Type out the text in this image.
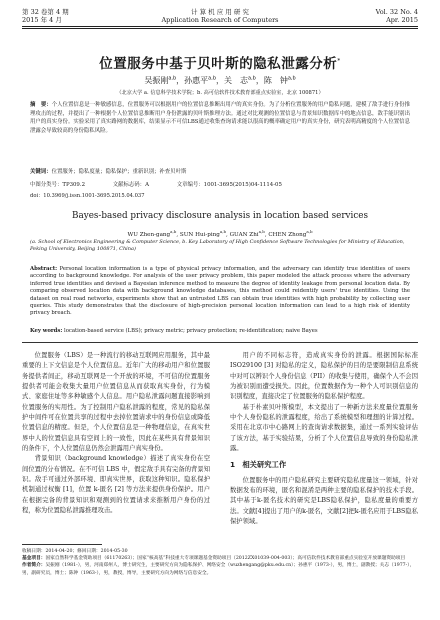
第 32 卷第 4 期
2015 年 4 月
计 算 机 应 用 研 究
Application Research of Computers
Vol. 32 No. 4
Apr. 2015
位置服务中基于贝叶斯的隐私泄露分析*
吴振刚$^{a,b}$，孙惠平$^{a,b}$，关　志$^{a,b}$，陈　钟$^{a,b}$
（北京大学 a. 信息科学技术学院；b. 高可信软件技术教育部重点实验室，北京 100871）
摘　要：个人位置信息是一种敏感信息，位置服务可以根据用户的位置信息推断出用户的真实身份。为了分析位置服务的用户隐私问题，建模了敌手进行身份推理攻击的过程，并提出了一种根据个人位置信息推断用户身份泄露的贝叶斯推理方法。通过对比观测的位置信息与背景知识数据库中的地点信息，敌手能识别出用户的真实身份。实验采用了真实路网的数据库，结果显示不可信LBS通过收集查询请求能以很高的概率确定用户的真实身份，研究表明高精度的个人位置信息泄露会导致较高的身份隐私风险。
关键词：位置服务；隐私度量；隐私保护；重新识别；补查贝叶斯
中图分类号：TP309.2	文献标志码：A	文章编号：1001-3695(2015)04-1114-05
doi：10.3969/j.issn.1001-3695.2015.04.037
Bayes-based privacy disclosure analysis in location based services
WU Zhen-gang$^{a,b}$, SUN Hui-ping$^{a,b}$, GUAN Zhi$^{a,b}$, CHEN Zhong$^{a,b}$
(a. School of Electronics Engineering & Computer Science, b. Key Laboratory of High Confidence Software Technologies for Ministry of Education, Peking University, Beijing 100871, China)
Abstract: Personal location information is a type of physical privacy information, and the adversary can identify true identities of users according to background knowledge. For analysis of the user privacy problem, this paper modeled the attack process where the adversary inferred true identities and devised a Bayesian inference method to measure the degree of identity leakage from personal location data. By comparing observed location data with background knowledge databases, this method could reidentify users' true identities. Using the dataset on real road networks, experiments show that an untrusted LBS can obtain true identities with high probability by collecting user queries. This study demonstrates that the disclosure of high-precision personal location information can lead to a high risk of identity privacy breach.
Key words: location-based service (LBS); privacy metric; privacy protection; re-identification; naive Bayes

位置服务（LBS）是一种流行的移动互联网应用服务，其中最重要的上下文信息是个人位置信息。近年广大的移动用户和位置服务提供者间正，移动互联网是一个开放的环境，不可信的位置服务提供者可能会收集大量用户位置信息从而获取真实身份，行为模式、家庭住址等多种敏感个人信息。用户隐私泄露问题直接影响到位置服务的实用性。为了控制用户隐私泄露的程度，常见的隐私保护中间件可在位置共享的过程中去掉位置请求中的身份信息或降低位置信息的精度。但是，个人位置信息是一种物理信息，在真实世界中人的位置信息具有空间上的一致性，因此在某些具有背景知识的条件下，个人位置信息仍然会泄露用户真实身份。

背景知识（background knowledge）描述了真实身份在空间位置的分布情况。在不可信 LBS 中，假定敌手具有完备的背景知识。敌手可通过外部环境、即真实世界，获取这种知识。隐私保护机制通过权衡 [1]，位置 k-匿名 [2] 等方法来提供身份保护。用户在根据完备的背景知识和观测到的位置请求来推断用户身份的过程，称为位置隐私泄露推理攻击。

用户的不同标志符，造成真实身份的泄露。根据国际标准 ISO29100 [3] 对隐私的定义，隐私保护的目的是要限制信息系统中对可以辨识个人身份信息（PII）的收集与使用，确保个人不会因为被识别而遭受损失。因此，位置数据作为一种个人可识别信息的识别程度，直接决定了位置服务的隐私保护程度。

基于朴素贝叶斯模型，本文提出了一种新方法来度量位置服务中个人身份隐私的泄露程度，给出了系统模型和理想的计算过程。采用在北京市中心路网上的查询请求数据集，通过一系列实验评估了该方法，基于实验结果，分析了个人位置信息导致的身份隐私泄露。

1　相关研究工作

位置服务中的用户隐私研究主要研究隐私度量这一领域，针对数据发布的环境，匿名和混淆是两种主要的隐私保护的技术手段。其中基于k-匿名技术的研究是LBS隐私保护，隐私度量的重要方法。文献[4]提出了用户的k-匿名，文献[2]把k-匿名应用于LBS隐私保护领域。

收稿日期：2014-04-20；修回日期：2014-05-30
基金项目：国家自然科学基金资助项目（61170263）；国家“核高基”科技重大专项课题基金资助项目（2012ZX01039-004-003）；高可信软件技术教育部重点实验室开放课题资助项目
作者简介：吴振刚（1981-），男，河南郑州人，博士研究生，主要研究方向为隐私保护、网络安全（wuzhengang@pku.edu.cn）；孙惠平（1973-），男，博士，副教授；关志（1977-），男，副研究员，博士；陈钟（1963-），男，教授，博导，主要研究方向为网络与信息安全。
